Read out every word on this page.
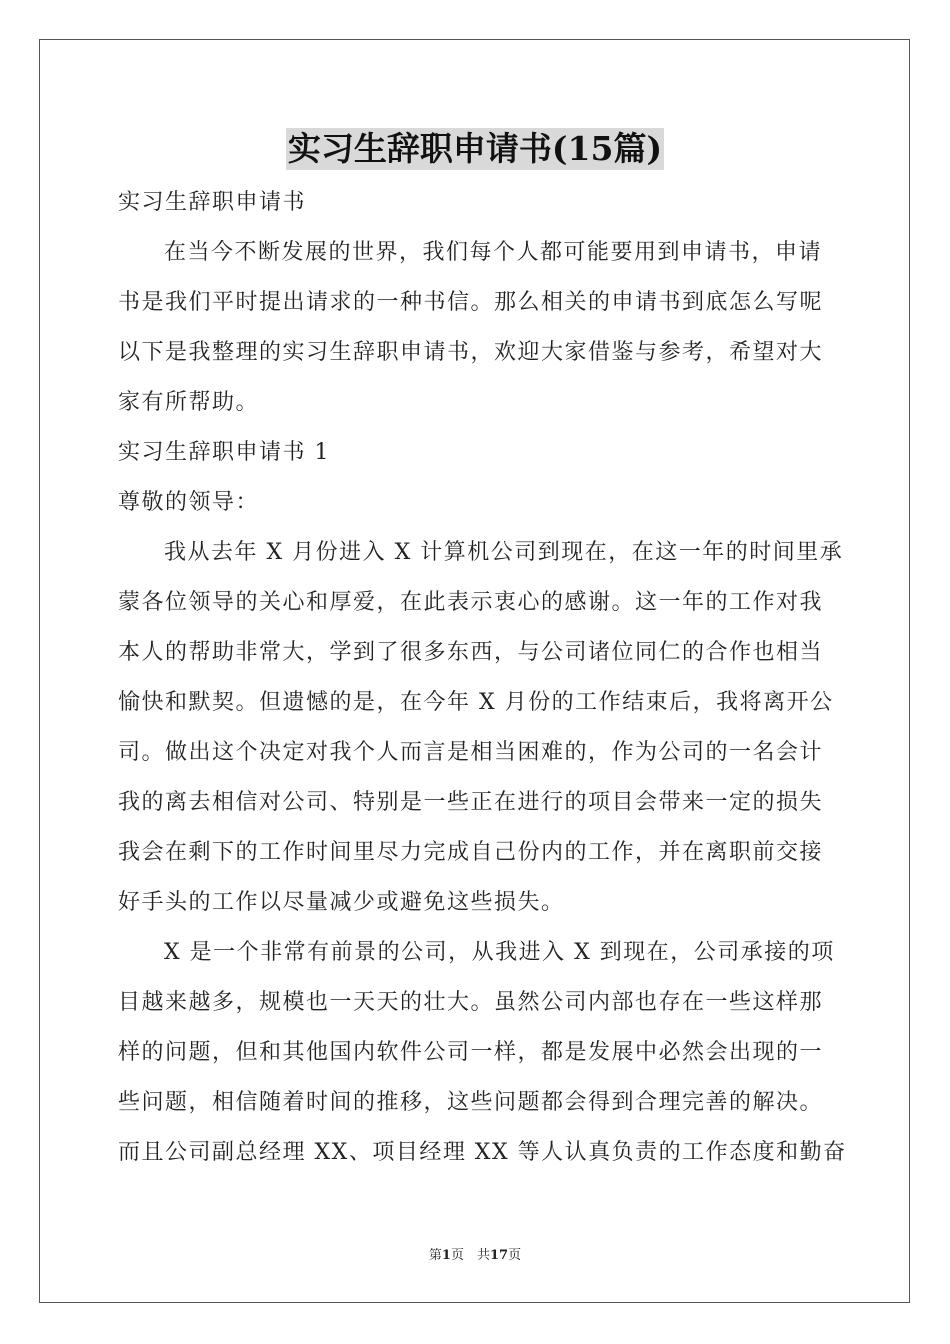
实习生辞职申请书(15篇)
实习生辞职申请书
在当今不断发展的世界，我们每个人都可能要用到申请书，申请
书是我们平时提出请求的一种书信。那么相关的申请书到底怎么写呢
以下是我整理的实习生辞职申请书，欢迎大家借鉴与参考，希望对大
家有所帮助。
实习生辞职申请书 1
尊敬的领导：
我从去年 X 月份进入 X 计算机公司到现在，在这一年的时间里承
蒙各位领导的关心和厚爱，在此表示衷心的感谢。这一年的工作对我
本人的帮助非常大，学到了很多东西，与公司诸位同仁的合作也相当
愉快和默契。但遗憾的是，在今年 X 月份的工作结束后，我将离开公
司。做出这个决定对我个人而言是相当困难的，作为公司的一名会计
我的离去相信对公司、特别是一些正在进行的项目会带来一定的损失
我会在剩下的工作时间里尽力完成自己份内的工作，并在离职前交接
好手头的工作以尽量减少或避免这些损失。
X 是一个非常有前景的公司，从我进入 X 到现在，公司承接的项
目越来越多，规模也一天天的壮大。虽然公司内部也存在一些这样那
样的问题，但和其他国内软件公司一样，都是发展中必然会出现的一
些问题，相信随着时间的推移，这些问题都会得到合理完善的解决。
而且公司副总经理 XX、项目经理 XX 等人认真负责的工作态度和勤奋
第1页　共17页
